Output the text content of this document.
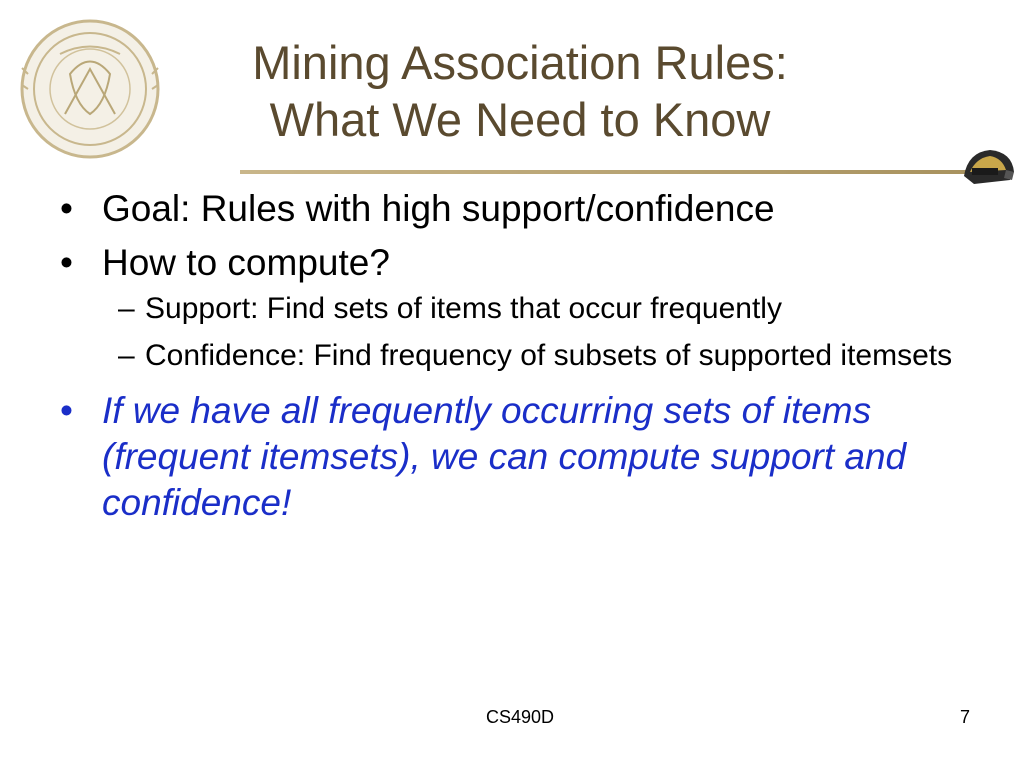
Mining Association Rules:
What We Need to Know
• Goal: Rules with high support/confidence
• How to compute?
– Support: Find sets of items that occur frequently
– Confidence: Find frequency of subsets of supported itemsets
• If we have all frequently occurring sets of items (frequent itemsets), we can compute support and confidence!
CS490D	7
